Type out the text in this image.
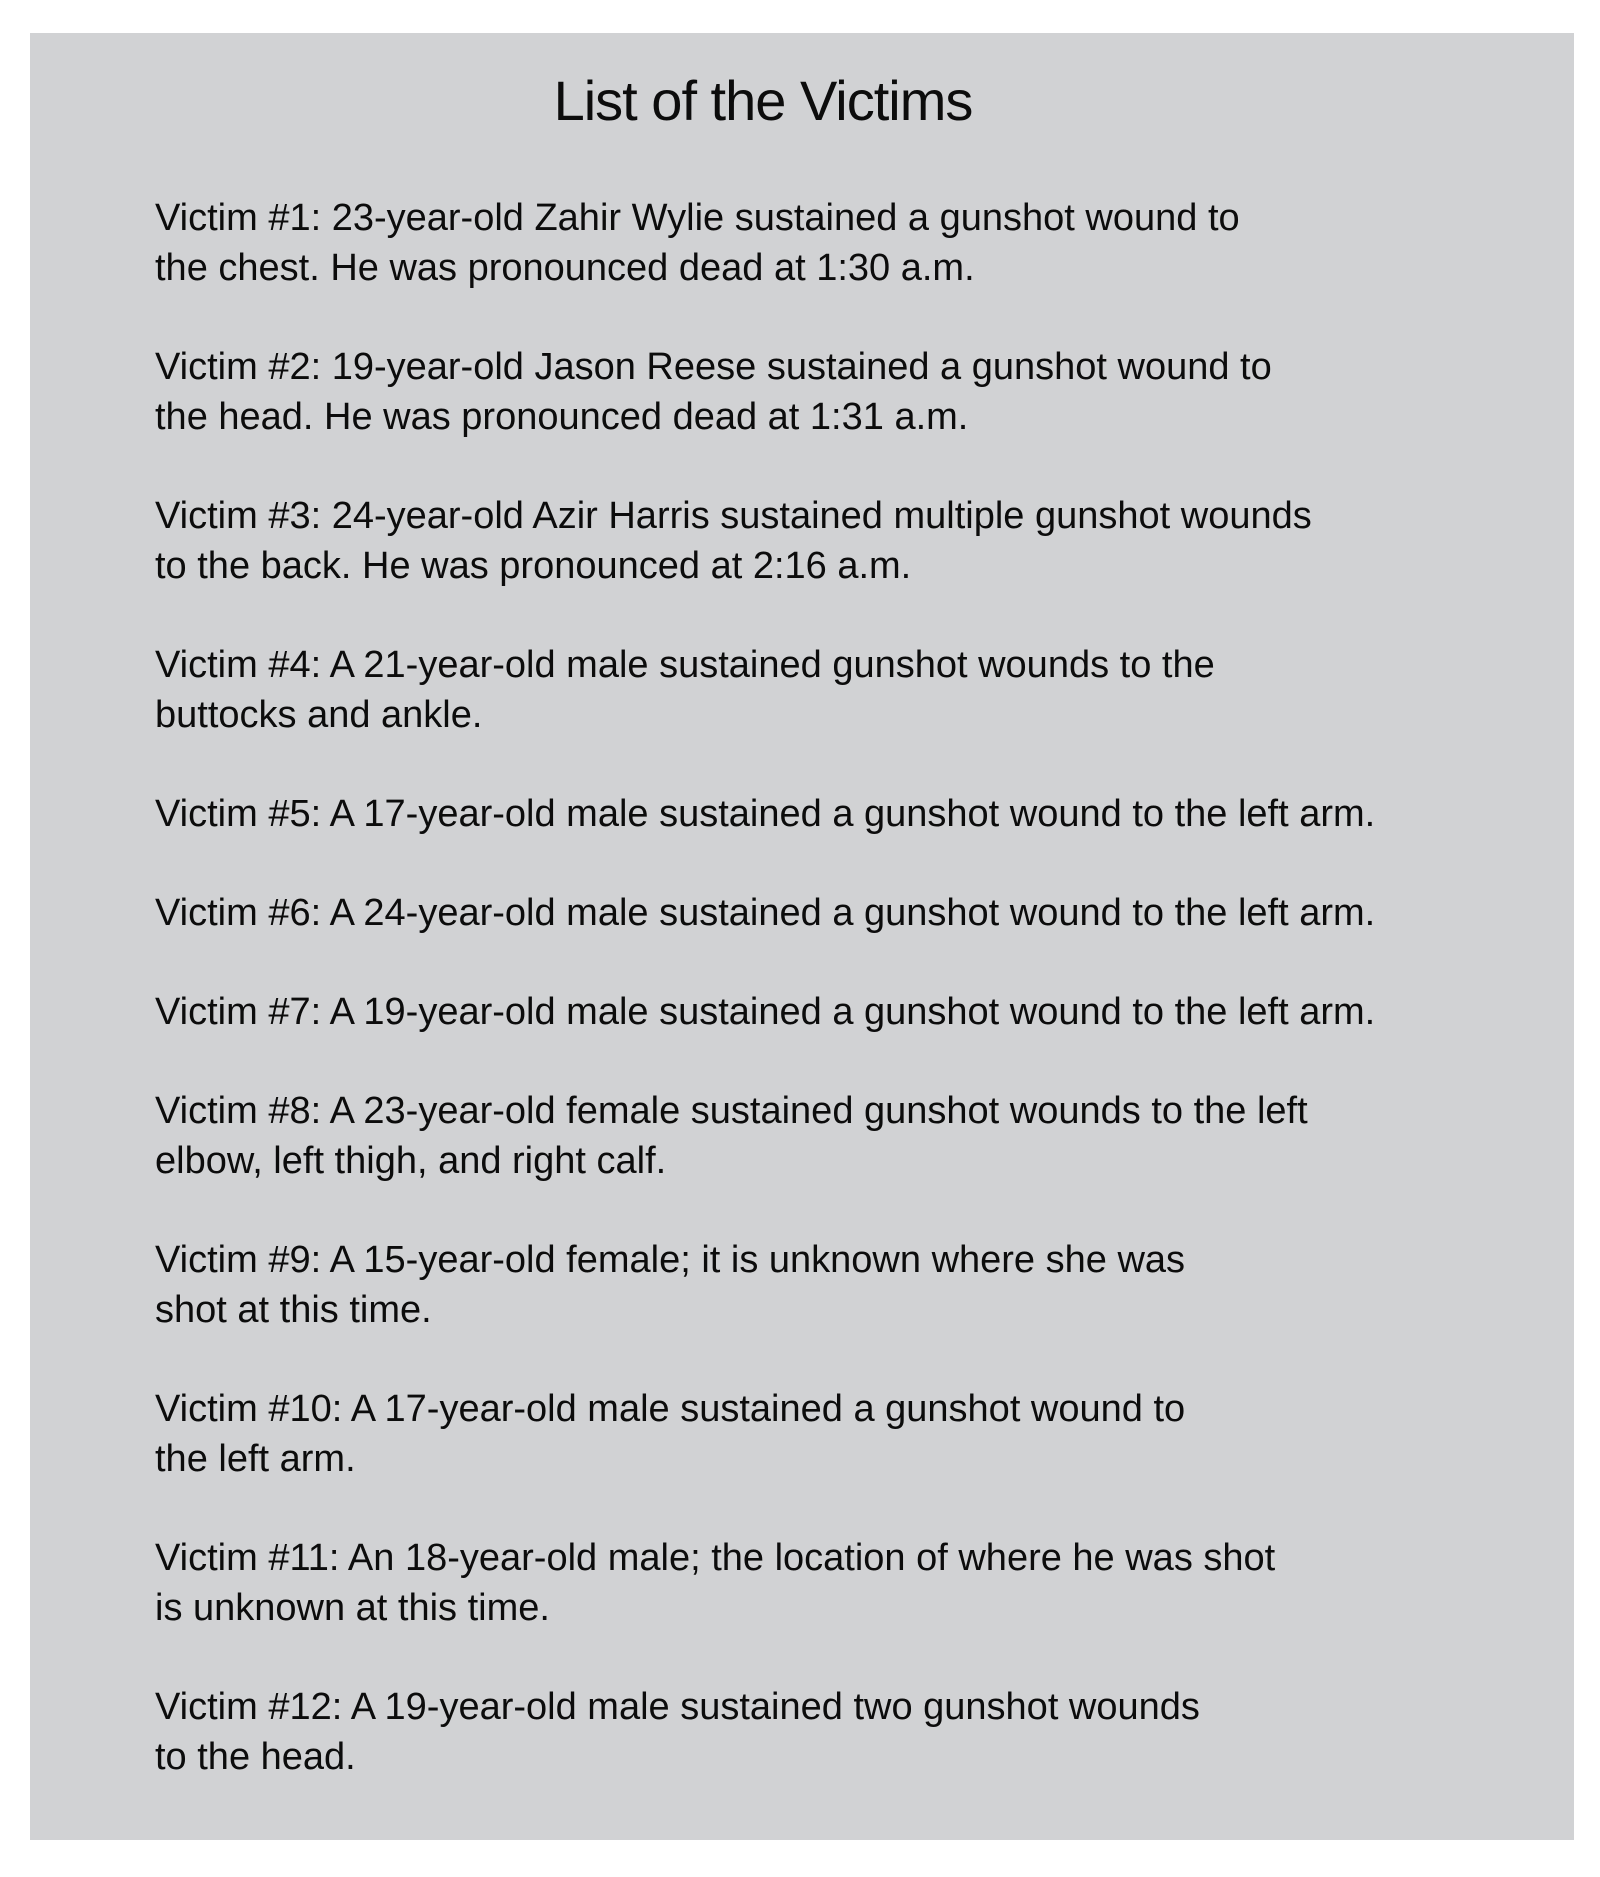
List of the Victims
Victim #1: 23-year-old Zahir Wylie sustained a gunshot wound to
the chest. He was pronounced dead at 1:30 a.m.
Victim #2: 19-year-old Jason Reese sustained a gunshot wound to
the head. He was pronounced dead at 1:31 a.m.
Victim #3: 24-year-old Azir Harris sustained multiple gunshot wounds
to the back. He was pronounced at 2:16 a.m.
Victim #4: A 21-year-old male sustained gunshot wounds to the
buttocks and ankle.
Victim #5: A 17-year-old male sustained a gunshot wound to the left arm.
Victim #6: A 24-year-old male sustained a gunshot wound to the left arm.
Victim #7: A 19-year-old male sustained a gunshot wound to the left arm.
Victim #8: A 23-year-old female sustained gunshot wounds to the left
elbow, left thigh, and right calf.
Victim #9: A 15-year-old female; it is unknown where she was
shot at this time.
Victim #10: A 17-year-old male sustained a gunshot wound to
the left arm.
Victim #11: An 18-year-old male; the location of where he was shot
is unknown at this time.
Victim #12: A 19-year-old male sustained two gunshot wounds
to the head.
